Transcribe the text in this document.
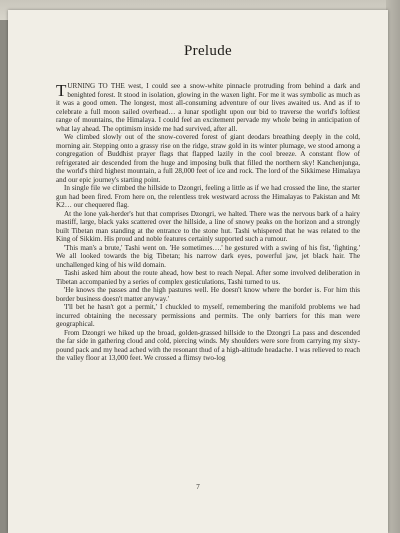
Prelude

TURNING TO THE west, I could see a snow-white pinnacle protruding from behind a dark and benighted forest. It stood in isolation, glowing in the waxen light. For me it was symbolic as much as it was a good omen. The longest, most all-consuming adventure of our lives awaited us. And as if to celebrate a full moon sailed overhead… a lunar spotlight upon our bid to traverse the world's loftiest range of mountains, the Himalaya. I could feel an excitement pervade my whole being in anticipation of what lay ahead. The optimism inside me had survived, after all.

We climbed slowly out of the snow-covered forest of giant deodars breathing deeply in the cold, morning air. Stepping onto a grassy rise on the ridge, straw gold in its winter plumage, we stood among a congregation of Buddhist prayer flags that flapped lazily in the cool breeze. A constant flow of refrigerated air descended from the huge and imposing bulk that filled the northern sky! Kanchenjunga, the world's third highest mountain, a full 28,000 feet of ice and rock. The lord of the Sikkimese Himalaya and our epic journey's starting point.

In single file we climbed the hillside to Dzongri, feeling a little as if we had crossed the line, the starter gun had been fired. From here on, the relentless trek westward across the Himalayas to Pakistan and Mt K2… our chequered flag.

At the lone yak-herder's hut that comprises Dzongri, we halted. There was the nervous bark of a hairy mastiff, large, black yaks scattered over the hillside, a line of snowy peaks on the horizon and a strongly built Tibetan man standing at the entrance to the stone hut. Tashi whispered that he was related to the King of Sikkim. His proud and noble features certainly supported such a rumour.

'This man's a brute,' Tashi went on. 'He sometimes….' he gestured with a swing of his fist, 'fighting.' We all looked towards the big Tibetan; his narrow dark eyes, powerful jaw, jet black hair. The unchallenged king of his wild domain.

Tashi asked him about the route ahead, how best to reach Nepal. After some involved deliberation in Tibetan accompanied by a series of complex gesticulations, Tashi turned to us.

'He knows the passes and the high pastures well. He doesn't know where the border is. For him this border business doesn't matter anyway.'

'I'll bet he hasn't got a permit,' I chuckled to myself, remembering the manifold problems we had incurred obtaining the necessary permissions and permits. The only barriers for this man were geographical.

From Dzongri we hiked up the broad, golden-grassed hillside to the Dzongri La pass and descended the far side in gathering cloud and cold, piercing winds. My shoulders were sore from carrying my sixty-pound pack and my head ached with the resonant thud of a high-altitude headache. I was relieved to reach the valley floor at 13,000 feet. We crossed a flimsy two-log

7
